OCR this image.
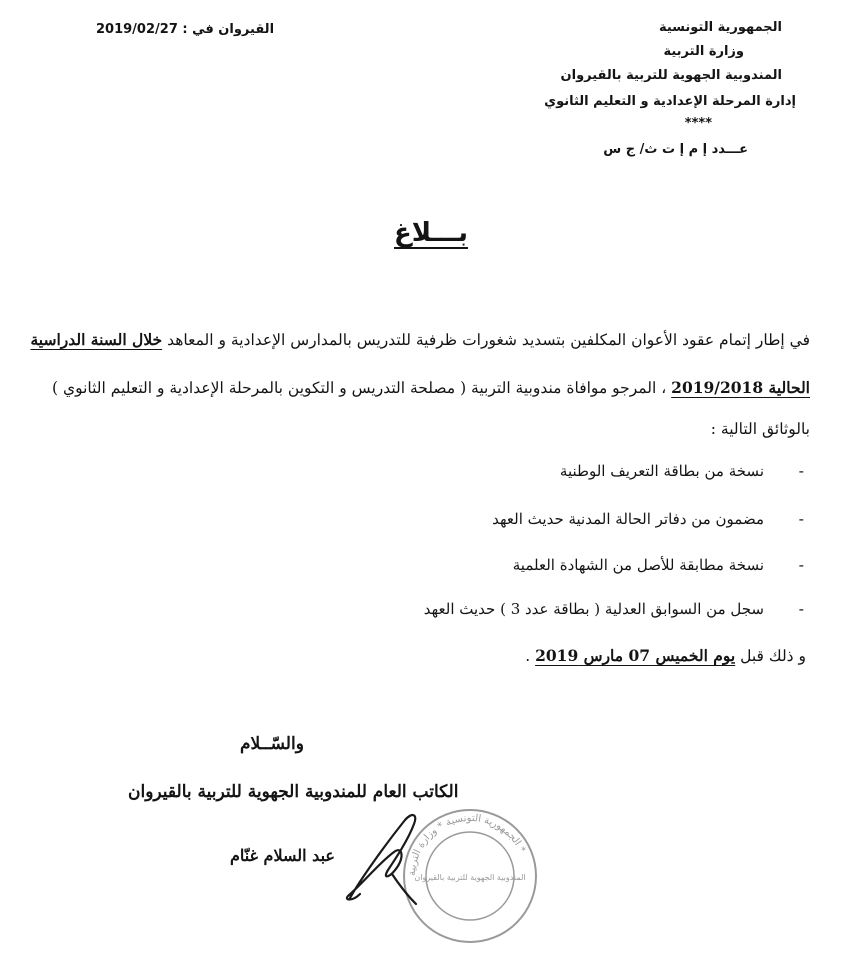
الجمهورية التونسية
وزارة التربية
المندوبية الجهوية للتربية بالقيروان
إدارة المرحلة الإعدادية و التعليم الثانوي
****
عـــدد إ م إ ت ث/ ج س
القيروان في : 2019/02/27
بـــلاغ
في إطار إتمام عقود الأعوان المكلفين بتسديد شغورات ظرفية للتدريس بالمدارس الإعدادية و المعاهد خلال السنة الدراسية
الحالية 2019/2018 ، المرجو موافاة مندوبية التربية ( مصلحة التدريس و التكوين بالمرحلة الإعدادية و التعليم الثانوي )
بالوثائق التالية :
-
نسخة من بطاقة التعريف الوطنية
-
مضمون من دفاتر الحالة المدنية حديث العهد
-
نسخة مطابقة للأصل من الشهادة العلمية
-
سجل من السوابق العدلية ( بطاقة عدد 3 ) حديث العهد
و ذلك قبل يوم الخميس 07 مارس 2019 .
والسّــلام
الكاتب العام للمندوبية الجهوية للتربية بالقيروان
عبد السلام غنّام
الجمهورية التونسية * وزارة التربية *
المندوبية الجهوية للتربية بالقيروان
